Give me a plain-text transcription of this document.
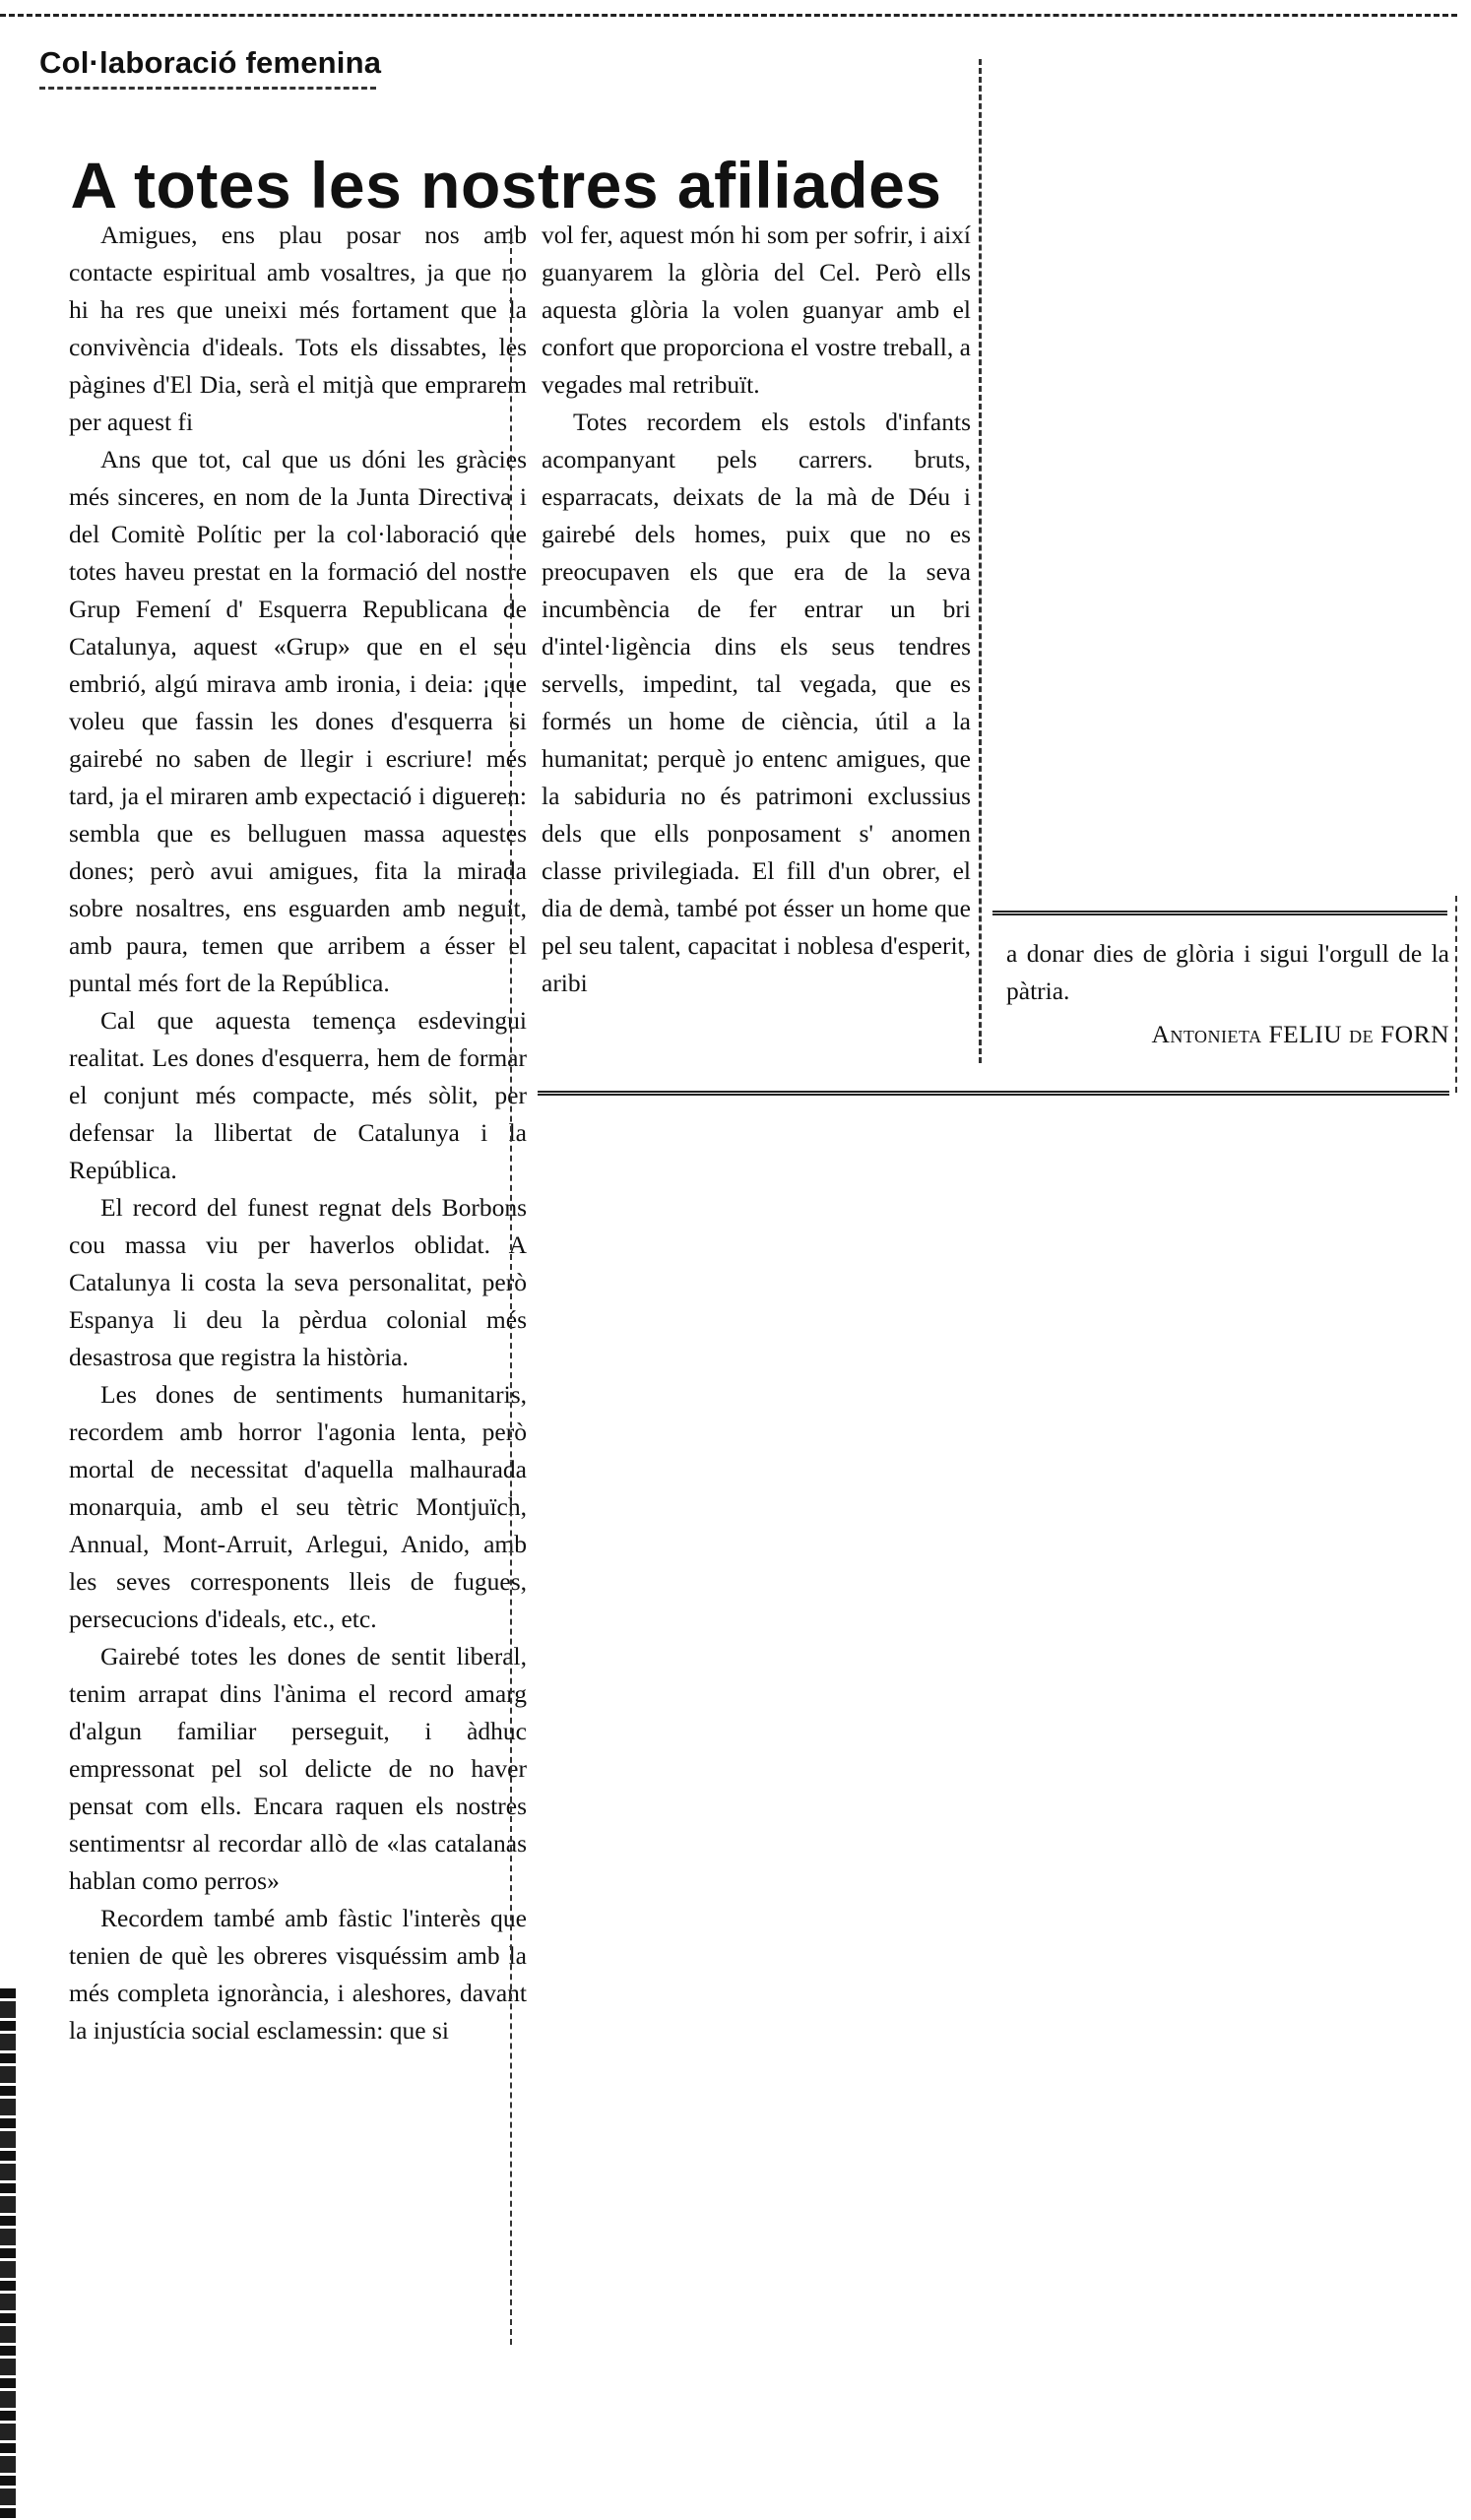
Col·laboració femenina
A totes les nostres afiliades

Amigues, ens plau posar nos amb contacte espiritual amb vosaltres, ja que no hi ha res que uneixi més fortament que la convivència d'ideals. Tots els dissabtes, les pàgines d'El Dia, serà el mitjà que emprarem per aquest fi

Ans que tot, cal que us dóni les gràcies més sinceres, en nom de la Junta Directiva i del Comitè Polític per la col·laboració que totes haveu prestat en la formació del nostre Grup Femení d' Esquerra Republicana de Catalunya, aquest «Grup» que en el seu embrió, algú mirava amb ironia, i deia: ¡que voleu que fassin les dones d'esquerra si gairebé no saben de llegir i escriure! més tard, ja el miraren amb expectació i digueren: sembla que es belluguen massa aquestes dones; però avui amigues, fita la mirada sobre nosaltres, ens esguarden amb neguit, amb paura, temen que arribem a ésser el puntal més fort de la República.

Cal que aquesta temença esdevingui realitat. Les dones d'esquerra, hem de formar el conjunt més compacte, més sòlit, per defensar la llibertat de Catalunya i la República.

El record del funest regnat dels Borbons cou massa viu per haverlos oblidat. A Catalunya li costa la seva personalitat, però Espanya li deu la pèrdua colonial més desastrosa que registra la història.

Les dones de sentiments humanitaris, recordem amb horror l'agonia lenta, però mortal de necessitat d'aquella malhaurada monarquia, amb el seu tètric Montjuïch, Annual, Mont-Arruit, Arlegui, Anido, amb les seves corresponents lleis de fugues, persecucions d'ideals, etc., etc.

Gairebé totes les dones de sentit liberal, tenim arrapat dins l'ànima el record amarg d'algun familiar perseguit, i àdhuc empressonat pel sol delicte de no haver pensat com ells. Encara raquen els nostres sentimentsr al recordar allò de «las catalanas hablan como perros»

Recordem també amb fàstic l'interès que tenien de què les obreres visquéssim amb la més completa ignorància, i aleshores, davant la injustícia social esclamessin: que si

vol fer, aquest món hi som per sofrir, i així guanyarem la glòria del Cel. Però ells aquesta glòria la volen guanyar amb el confort que proporciona el vostre treball, a vegades mal retribuït.

Totes recordem els estols d'infants acompanyant pels carrers. bruts, esparracats, deixats de la mà de Déu i gairebé dels homes, puix que no es preocupaven els que era de la seva incumbència de fer entrar un bri d'intel·ligència dins els seus tendres servells, impedint, tal vegada, que es formés un home de ciència, útil a la humanitat; perquè jo entenc amigues, que la sabiduria no és patrimoni exclussius dels que ells ponposament s' anomen classe privilegiada. El fill d'un obrer, el dia de demà, també pot ésser un home que pel seu talent, capacitat i noblesa d'esperit, aribi

a donar dies de glòria i sigui l'orgull de la pàtria.

Antonieta FELIU de FORN
